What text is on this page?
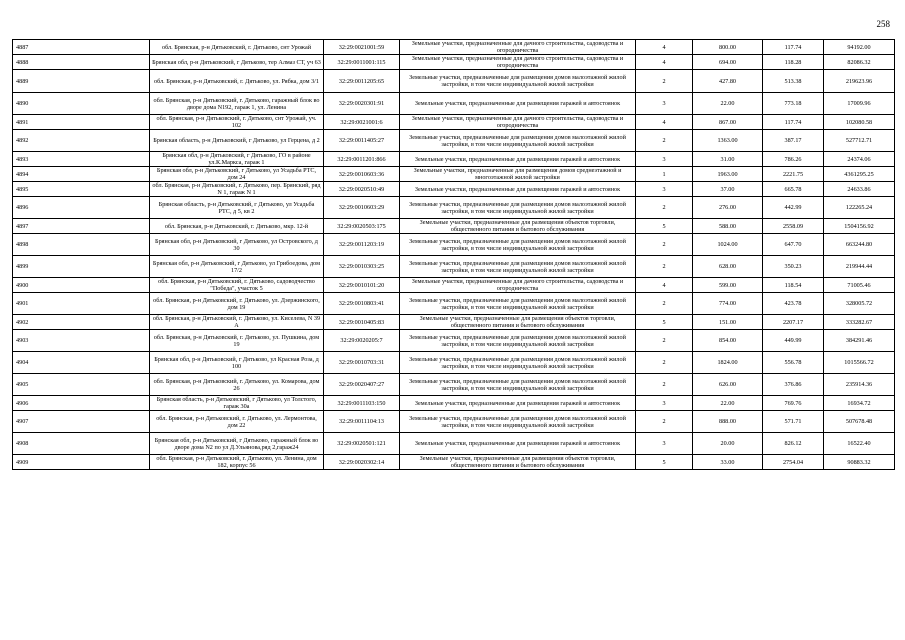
258
4887	обл. Брянская, р-н Дятьковский, г. Дятьково, снт Урожай	32:29:0021001:59	Земельные участки, предназначенные для дачного строительства, садоводства и огородничества	4	800.00	117.74	94192.00
4888	Брянская обл, р-н Дятьковский, г Дятьково, тер Алмаз СТ, уч 63	32:29:0011001:115	Земельные участки, предназначенные для дачного строительства, садоводства и огородничества	4	694.00	118.28	82086.32
4889	обл. Брянская, р-н Дятьковский, г. Дятьково, ул. Рябка, дом 3/1	32:29:0011205:65	Земельные участки, предназначенные для размещения домов малоэтажной жилой застройки, в том числе индивидуальной жилой застройки	2	427.80	513.38	219623.96
4890	обл. Брянская, р-н Дятьковский, г. Дятьково, гаражный блок во дворе дома N192, гараж 1, ул. Ленина	32:29:0020301:91	Земельные участки, предназначенные для размещения гаражей и автостоянок	3	22.00	773.18	17009.96
4891	обл. Брянская, р-н Дятьковский, г. Дятьково, снт Урожай, уч. 102	32:29:0021001:6	Земельные участки, предназначенные для дачного строительства, садоводства и огородничества	4	867.00	117.74	102080.58
4892	Брянская область, р-н Дятьковский, г Дятьково, ул Герцена, д 2	32:29:0011405:27	Земельные участки, предназначенные для размещения домов малоэтажной жилой застройки, в том числе индивидуальной жилой застройки	2	1363.00	387.17	527712.71
4893	Брянская обл, р-н Дятьковский, г Дятьково, ГО в районе ул.К.Маркса, гараж 1	32:29:0011201:866	Земельные участки, предназначенные для размещения гаражей и автостоянок	3	31.00	786.26	24374.06
4894	Брянская обл, р-н Дятьковский, г Дятьково, ул Усадьба РТС, дом 24	32:29:0010603:36	Земельные участки, предназначенные для размещения домов среднеэтажной и многоэтажной жилой застройки	1	1963.00	2221.75	4361295.25
4895	обл. Брянская, р-н Дятьковский, г. Дятьково, пер. Брянский, ряд N 1, гараж N 1	32:29:0020510:49	Земельные участки, предназначенные для размещения гаражей и автостоянок	3	37.00	665.78	24633.86
4896	Брянская область, р-н Дятьковский, г Дятьково, ул Усадьба РТС, д 5, кв 2	32:29:0010603:29	Земельные участки, предназначенные для размещения домов малоэтажной жилой застройки, в том числе индивидуальной жилой застройки	2	276.00	442.99	122265.24
4897	обл. Брянская, р-н Дятьковский, г. Дятьково, мкр. 12-й	32:29:0020503:175	Земельные участки, предназначенные для размещения объектов торговли, общественного питания и бытового обслуживания	5	588.00	2558.09	1504156.92
4898	Брянская обл, р-н Дятьковский, г Дятьково, ул Островского, д 30	32:29:0011203:19	Земельные участки, предназначенные для размещения домов малоэтажной жилой застройки, в том числе индивидуальной жилой застройки	2	1024.00	647.70	663244.80
4899	Брянская обл, р-н Дятьковский, г Дятьково, ул Грибоедова, дом 17/2	32:29:0010303:25	Земельные участки, предназначенные для размещения домов малоэтажной жилой застройки, в том числе индивидуальной жилой застройки	2	628.00	350.23	219944.44
4900	обл. Брянская, р-н Дятьковский, г. Дятьково, садоводчество "Победа", участок 5	32:29:0010101:20	Земельные участки, предназначенные для дачного строительства, садоводства и огородничества	4	599.00	118.54	71005.46
4901	обл. Брянская, р-н Дятьковский, г. Дятьково, ул. Дзержинского, дом 19	32:29:0010803:41	Земельные участки, предназначенные для размещения домов малоэтажной жилой застройки, в том числе индивидуальной жилой застройки	2	774.00	423.78	328005.72
4902	обл. Брянская, р-н Дятьковский, г. Дятьково, ул. Киселева, N 39 А	32:29:0010405:83	Земельные участки, предназначенные для размещения объектов торговли, общественного питания и бытового обслуживания	5	151.00	2207.17	333282.67
4903	обл. Брянская, р-н Дятьковский, г. Дятьково, ул. Пушкина, дом 19	32:29:0020205:7	Земельные участки, предназначенные для размещения домов малоэтажной жилой застройки, в том числе индивидуальной жилой застройки	2	854.00	449.99	384291.46
4904	Брянская обл, р-н Дятьковский, г Дятьково, ул Красная Роза, д 100	32:29:0010703:31	Земельные участки, предназначенные для размещения домов малоэтажной жилой застройки, в том числе индивидуальной жилой застройки	2	1824.00	556.78	1015566.72
4905	обл. Брянская, р-н Дятьковский, г. Дятьково, ул. Комарова, дом 26	32:29:0020407:27	Земельные участки, предназначенные для размещения домов малоэтажной жилой застройки, в том числе индивидуальной жилой застройки	2	626.00	376.86	235914.36
4906	Брянская область, р-н Дятьковский, г Дятьково, ул Толстого, гараж 30а	32:29:0011103:150	Земельные участки, предназначенные для размещения гаражей и автостоянок	3	22.00	769.76	16934.72
4907	обл. Брянская, р-н Дятьковский, г. Дятьково, ул. Лермонтова, дом 22	32:29:0011104:13	Земельные участки, предназначенные для размещения домов малоэтажной жилой застройки, в том числе индивидуальной жилой застройки	2	888.00	571.71	507678.48
4908	Брянская обл, р-н Дятьковский, г Дятьково, гаражный блок во дворе дома N2 по ул Д.Ульянова,ряд 2,гараж24	32:29:0020501:121	Земельные участки, предназначенные для размещения гаражей и автостоянок	3	20.00	826.12	16522.40
4909	обл. Брянская, р-н Дятьковский, г. Дятьково, ул. Ленина, дом 182, корпус 56	32:29:0020302:14	Земельные участки, предназначенные для размещения объектов торговли, общественного питания и бытового обслуживания	5	33.00	2754.04	90883.32
